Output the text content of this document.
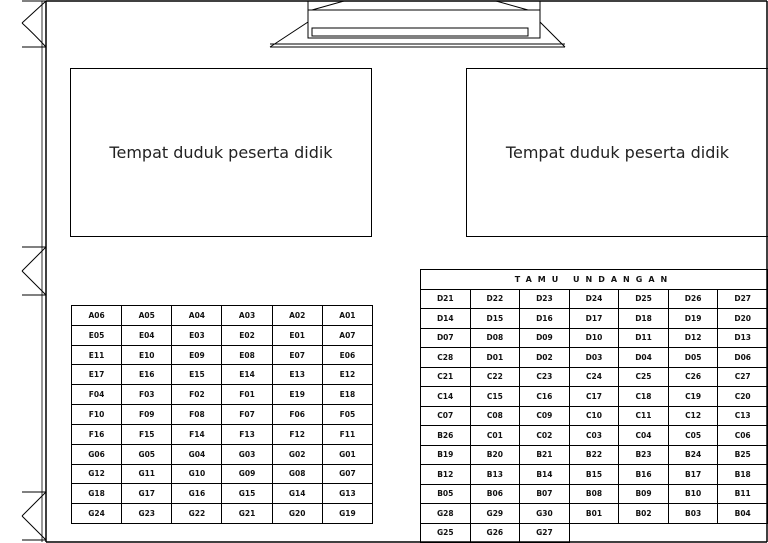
Tempat duduk peserta didik	Tempat duduk peserta didik
A06	A05	A04	A03	A02	A01
E05	E04	E03	E02	E01	A07
E11	E10	E09	E08	E07	E06
E17	E16	E15	E14	E13	E12
F04	F03	F02	F01	E19	E18
F10	F09	F08	F07	F06	F05
F16	F15	F14	F13	F12	F11
G06	G05	G04	G03	G02	G01
G12	G11	G10	G09	G08	G07
G18	G17	G16	G15	G14	G13
G24	G23	G22	G21	G20	G19
TAMU UNDANGAN						
D21	D22	D23	D24	D25	D26	D27
D14	D15	D16	D17	D18	D19	D20
D07	D08	D09	D10	D11	D12	D13
C28	D01	D02	D03	D04	D05	D06
C21	C22	C23	C24	C25	C26	C27
C14	C15	C16	C17	C18	C19	C20
C07	C08	C09	C10	C11	C12	C13
B26	C01	C02	C03	C04	C05	C06
B19	B20	B21	B22	B23	B24	B25
B12	B13	B14	B15	B16	B17	B18
B05	B06	B07	B08	B09	B10	B11
G28	G29	G30	B01	B02	B03	B04
G25	G26	G27				
